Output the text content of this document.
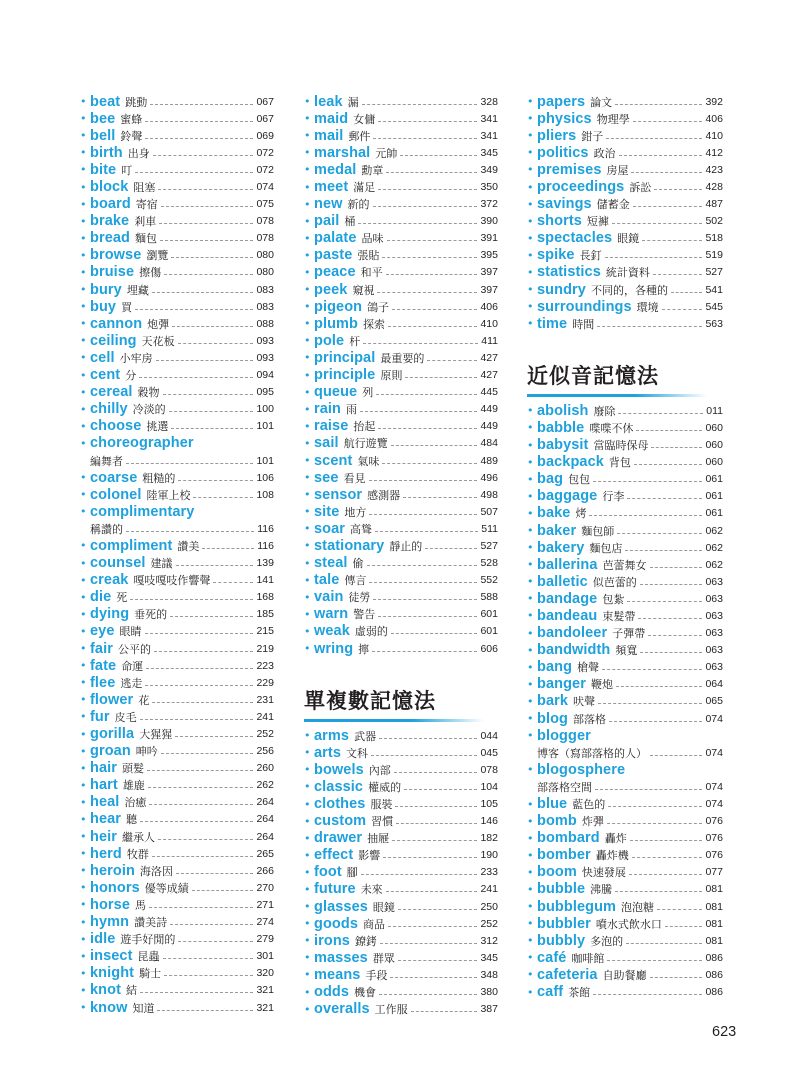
• beat 跳動	067
• bee 蜜蜂	067
• bell 鈴聲	069
• birth 出身	072
• bite 叮	072
• block 阻塞	074
• board 寄宿	075
• brake 剎車	078
• bread 麵包	078
• browse 瀏覽	080
• bruise 擦傷	080
• bury 埋藏	083
• buy 買	083
• cannon 炮彈	088
• ceiling 天花板	093
• cell 小牢房	093
• cent 分	094
• cereal 穀物	095
• chilly 冷淡的	100
• choose 挑選	101
• choreographer
編舞者	101
• coarse 粗糙的	106
• colonel 陸軍上校	108
• complimentary
稱讚的	116
• compliment 讚美	116
• counsel 建議	139
• creak 嘎吱嘎吱作響聲	141
• die 死	168
• dying 垂死的	185
• eye 眼睛	215
• fair 公平的	219
• fate 命運	223
• flee 逃走	229
• flower 花	231
• fur 皮毛	241
• gorilla 大猩猩	252
• groan 呻吟	256
• hair 頭髮	260
• hart 雄鹿	262
• heal 治癒	264
• hear 聽	264
• heir 繼承人	264
• herd 牧群	265
• heroin 海洛因	266
• honors 優等成績	270
• horse 馬	271
• hymn 讚美詩	274
• idle 遊手好閒的	279
• insect 昆蟲	301
• knight 騎士	320
• knot 結	321
• know 知道	321
• leak 漏	328
• maid 女傭	341
• mail 郵件	341
• marshal 元帥	345
• medal 勳章	349
• meet 滿足	350
• new 新的	372
• pail 桶	390
• palate 品味	391
• paste 張貼	395
• peace 和平	397
• peek 窺視	397
• pigeon 鴿子	406
• plumb 探索	410
• pole 杆	411
• principal 最重要的	427
• principle 原則	427
• queue 列	445
• rain 雨	449
• raise 抬起	449
• sail 航行遊覽	484
• scent 氣味	489
• see 看見	496
• sensor 感測器	498
• site 地方	507
• soar 高聳	511
• stationary 靜止的	527
• steal 偷	528
• tale 傳言	552
• vain 徒勞	588
• warn 警告	601
• weak 虛弱的	601
• wring 擰	606
單複數記憶法
• arms 武器	044
• arts 文科	045
• bowels 內部	078
• classic 權威的	104
• clothes 服裝	105
• custom 習慣	146
• drawer 抽屜	182
• effect 影響	190
• foot 腳	233
• future 未來	241
• glasses 眼鏡	250
• goods 商品	252
• irons 鐐銬	312
• masses 群眾	345
• means 手段	348
• odds 機會	380
• overalls 工作服	387
• papers 論文	392
• physics 物理學	406
• pliers 鉗子	410
• politics 政治	412
• premises 房屋	423
• proceedings 訴訟	428
• savings 儲蓄金	487
• shorts 短褲	502
• spectacles 眼鏡	518
• spike 長釘	519
• statistics 統計資料	527
• sundry 不同的，各種的	541
• surroundings 環境	545
• time 時間	563
近似音記憶法
• abolish 廢除	011
• babble 喋喋不休	060
• babysit 當臨時保母	060
• backpack 背包	060
• bag 包包	061
• baggage 行李	061
• bake 烤	061
• baker 麵包師	062
• bakery 麵包店	062
• ballerina 芭蕾舞女	062
• balletic 似芭蕾的	063
• bandage 包紮	063
• bandeau 束髮帶	063
• bandoleer 子彈帶	063
• bandwidth 頻寬	063
• bang 槍聲	063
• banger 鞭炮	064
• bark 吠聲	065
• blog 部落格	074
• blogger
博客（寫部落格的人）	074
• blogosphere
部落格空間	074
• blue 藍色的	074
• bomb 炸彈	076
• bombard 轟炸	076
• bomber 轟炸機	076
• boom 快速發展	077
• bubble 沸騰	081
• bubblegum 泡泡糖	081
• bubbler 噴水式飲水口	081
• bubbly 多泡的	081
• café 咖啡館	086
• cafeteria 自助餐廳	086
• caff 茶館	086
623
